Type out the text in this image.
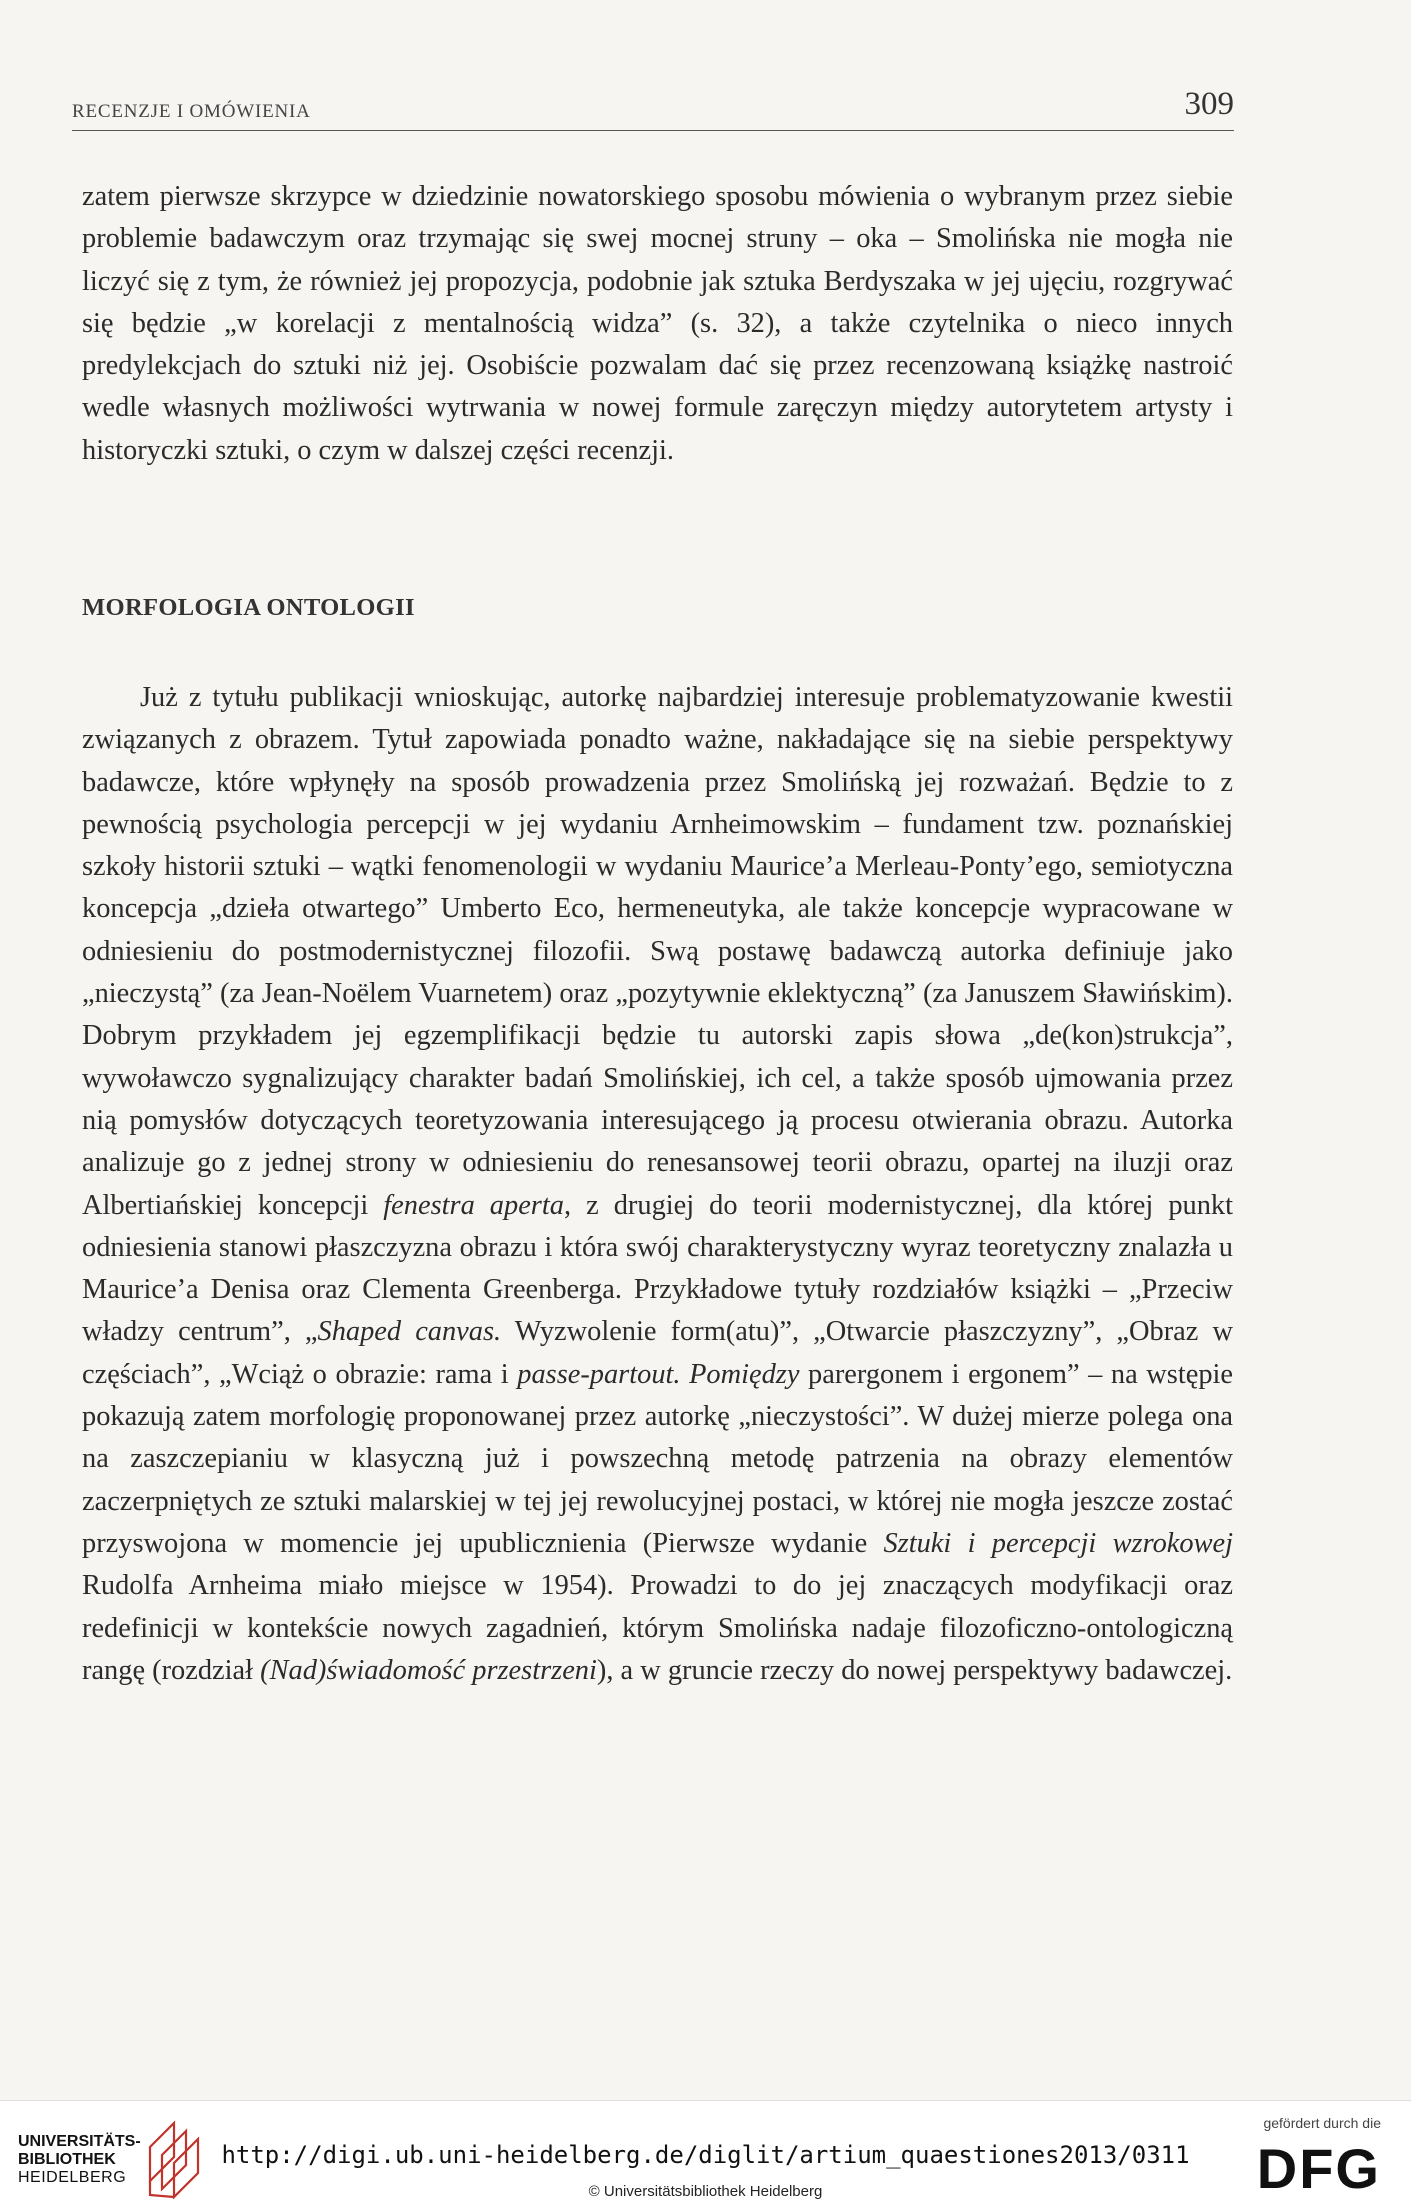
RECENZJE I OMÓWIENIA	309

zatem pierwsze skrzypce w dziedzinie nowatorskiego sposobu mówienia o wybranym przez siebie problemie badawczym oraz trzymając się swej mocnej struny – oka – Smolińska nie mogła nie liczyć się z tym, że również jej propozycja, podobnie jak sztuka Berdyszaka w jej ujęciu, rozgrywać się będzie „w korelacji z mentalnością widza” (s. 32), a także czytelnika o nieco innych predylekcjach do sztuki niż jej. Osobiście pozwalam dać się przez recenzowaną książkę nastroić wedle własnych możliwości wytrwania w nowej formule zaręczyn między autorytetem artysty i historyczki sztuki, o czym w dalszej części recenzji.

MORFOLOGIA ONTOLOGII

Już z tytułu publikacji wnioskując, autorkę najbardziej interesuje problematyzowanie kwestii związanych z obrazem. Tytuł zapowiada ponadto ważne, nakładające się na siebie perspektywy badawcze, które wpłynęły na sposób prowadzenia przez Smolińską jej rozważań. Będzie to z pewnością psychologia percepcji w jej wydaniu Arnheimowskim – fundament tzw. poznańskiej szkoły historii sztuki – wątki fenomenologii w wydaniu Maurice’a Merleau-Ponty’ego, semiotyczna koncepcja „dzieła otwartego” Umberto Eco, hermeneutyka, ale także koncepcje wypracowane w odniesieniu do postmodernistycznej filozofii. Swą postawę badawczą autorka definiuje jako „nieczystą” (za Jean-Noëlem Vuarnetem) oraz „pozytywnie eklektyczną” (za Januszem Sławińskim). Dobrym przykładem jej egzemplifikacji będzie tu autorski zapis słowa „de(kon)strukcja”, wywoławczo sygnalizujący charakter badań Smolińskiej, ich cel, a także sposób ujmowania przez nią pomysłów dotyczących teoretyzowania interesującego ją procesu otwierania obrazu. Autorka analizuje go z jednej strony w odniesieniu do renesansowej teorii obrazu, opartej na iluzji oraz Albertiańskiej koncepcji fenestra aperta, z drugiej do teorii modernistycznej, dla której punkt odniesienia stanowi płaszczyzna obrazu i która swój charakterystyczny wyraz teoretyczny znalazła u Maurice’a Denisa oraz Clementa Greenberga. Przykładowe tytuły rozdziałów książki – „Przeciw władzy centrum”, „Shaped canvas. Wyzwolenie form(atu)”, „Otwarcie płaszczyzny”, „Obraz w częściach”, „Wciąż o obrazie: rama i passe-partout. Pomiędzy parergonem i ergonem” – na wstępie pokazują zatem morfologię proponowanej przez autorkę „nieczystości”. W dużej mierze polega ona na zaszczepianiu w klasyczną już i powszechną metodę patrzenia na obrazy elementów zaczerpniętych ze sztuki malarskiej w tej jej rewolucyjnej postaci, w której nie mogła jeszcze zostać przyswojona w momencie jej upublicznienia (Pierwsze wydanie Sztuki i percepcji wzrokowej Rudolfa Arnheima miało miejsce w 1954). Prowadzi to do jej znaczących modyfikacji oraz redefinicji w kontekście nowych zagadnień, którym Smolińska nadaje filozoficzno-ontologiczną rangę (rozdział (Nad)świadomość przestrzeni), a w gruncie rzeczy do nowej perspektywy badawczej.

UNIVERSITÄTS-
BIBLIOTHEK
HEIDELBERG
http://digi.ub.uni-heidelberg.de/diglit/artium_quaestiones2013/0311
© Universitätsbibliothek Heidelberg
gefördert durch die
DFG
